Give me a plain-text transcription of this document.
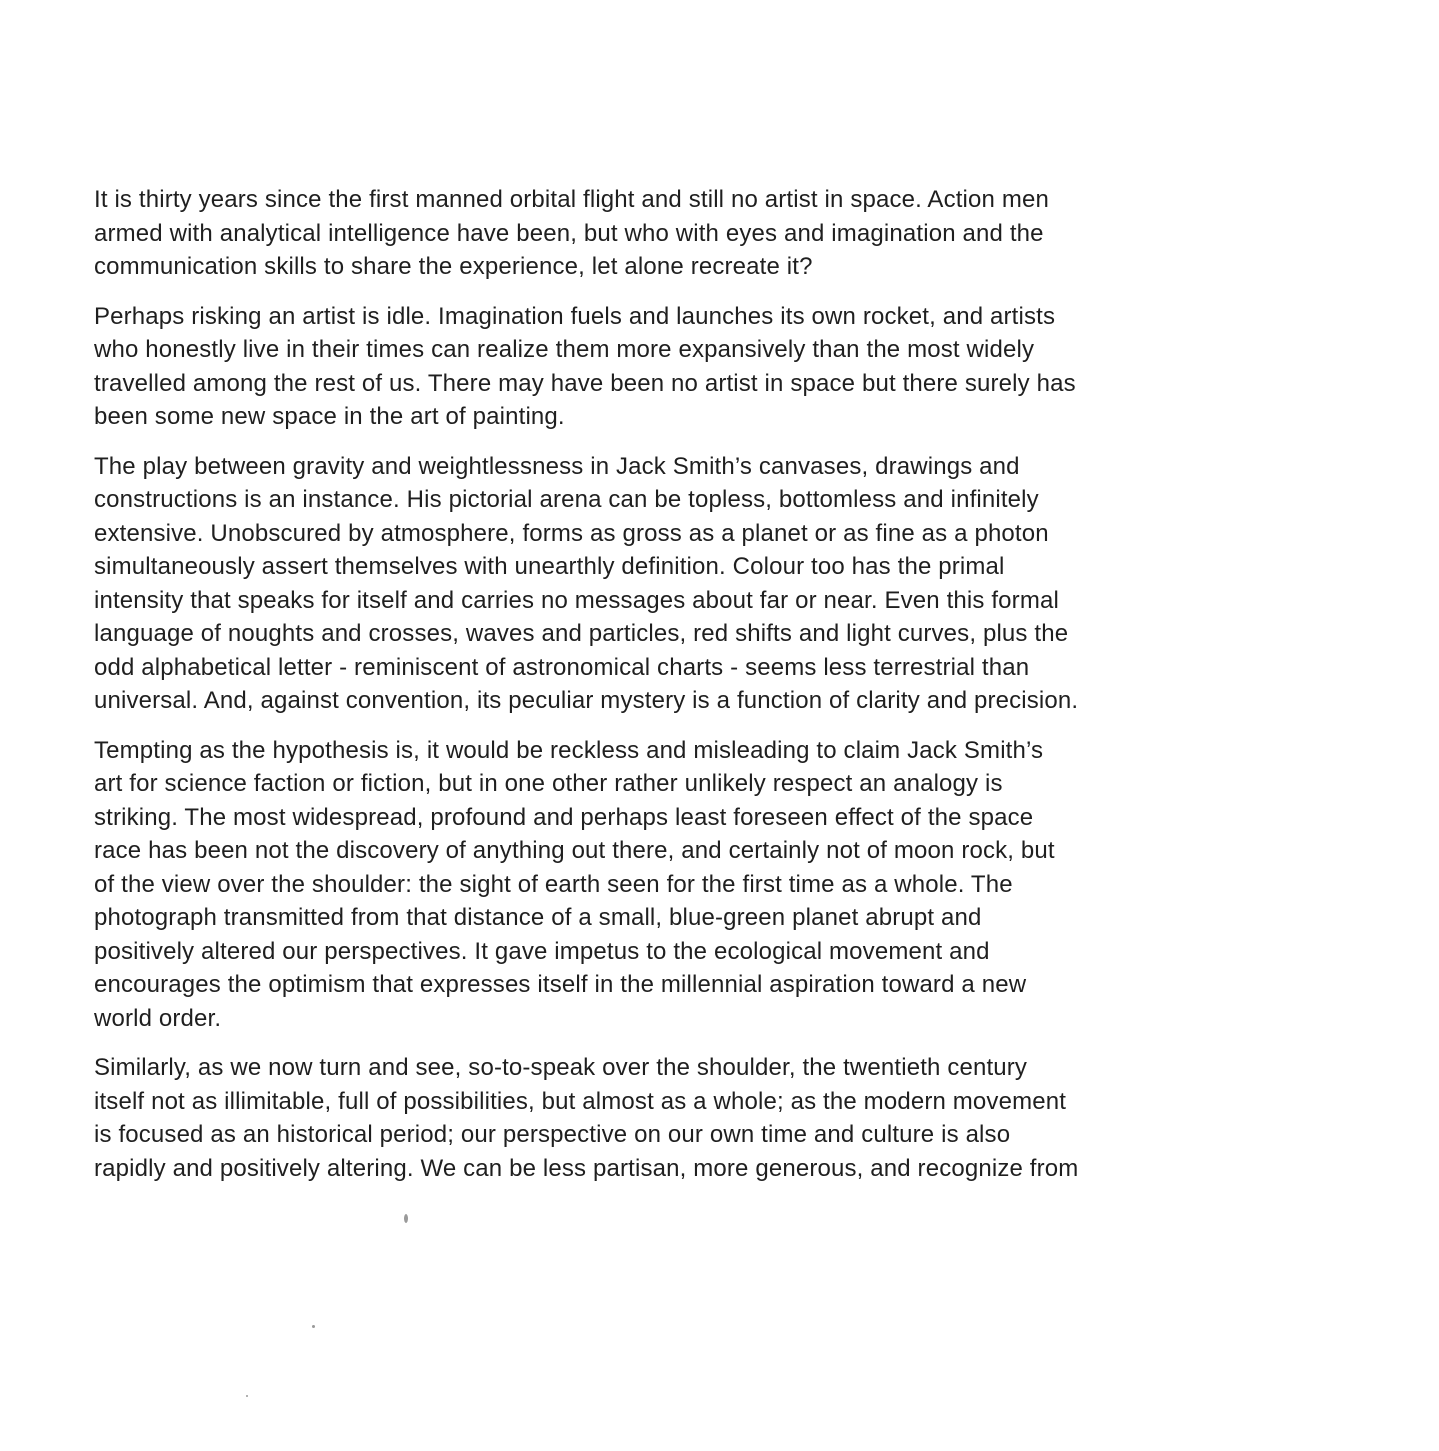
It is thirty years since the first manned orbital flight and still no artist in space. Action men
armed with analytical intelligence have been, but who with eyes and imagination and the
communication skills to share the experience, let alone recreate it?

Perhaps risking an artist is idle. Imagination fuels and launches its own rocket, and artists
who honestly live in their times can realize them more expansively than the most widely
travelled among the rest of us. There may have been no artist in space but there surely has
been some new space in the art of painting.

The play between gravity and weightlessness in Jack Smith’s canvases, drawings and
constructions is an instance. His pictorial arena can be topless, bottomless and infinitely
extensive. Unobscured by atmosphere, forms as gross as a planet or as fine as a photon
simultaneously assert themselves with unearthly definition. Colour too has the primal
intensity that speaks for itself and carries no messages about far or near. Even this formal
language of noughts and crosses, waves and particles, red shifts and light curves, plus the
odd alphabetical letter - reminiscent of astronomical charts - seems less terrestrial than
universal. And, against convention, its peculiar mystery is a function of clarity and precision.

Tempting as the hypothesis is, it would be reckless and misleading to claim Jack Smith’s
art for science faction or fiction, but in one other rather unlikely respect an analogy is
striking. The most widespread, profound and perhaps least foreseen effect of the space
race has been not the discovery of anything out there, and certainly not of moon rock, but
of the view over the shoulder: the sight of earth seen for the first time as a whole. The
photograph transmitted from that distance of a small, blue-green planet abrupt and
positively altered our perspectives. It gave impetus to the ecological movement and
encourages the optimism that expresses itself in the millennial aspiration toward a new
world order.

Similarly, as we now turn and see, so-to-speak over the shoulder, the twentieth century
itself not as illimitable, full of possibilities, but almost as a whole; as the modern movement
is focused as an historical period; our perspective on our own time and culture is also
rapidly and positively altering. We can be less partisan, more generous, and recognize from
